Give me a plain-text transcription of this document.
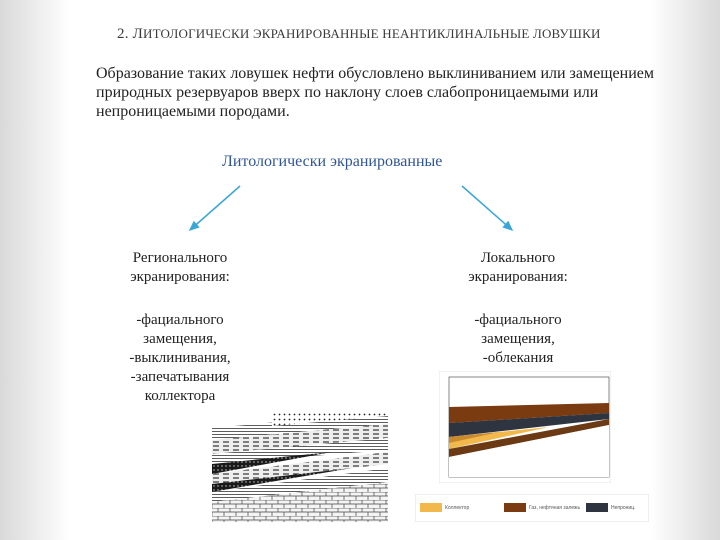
2. ЛИТОЛОГИЧЕСКИ ЭКРАНИРОВАННЫЕ НЕАНТИКЛИНАЛЬНЫЕ ЛОВУШКИ
Образование таких ловушек нефти обусловлено выклиниванием или замещением природных резервуаров вверх по наклону слоев слабопроницаемыми или непроницаемыми породами.
Литологически экранированные
Регионального
экранирования:
-фациального
замещения,
-выклинивания,
-запечатывания
коллектора
Локального
экранирования:
-фациального
замещения,
-облекания
Коллектор	Газ, нефтяная залежь	Непрониц.
